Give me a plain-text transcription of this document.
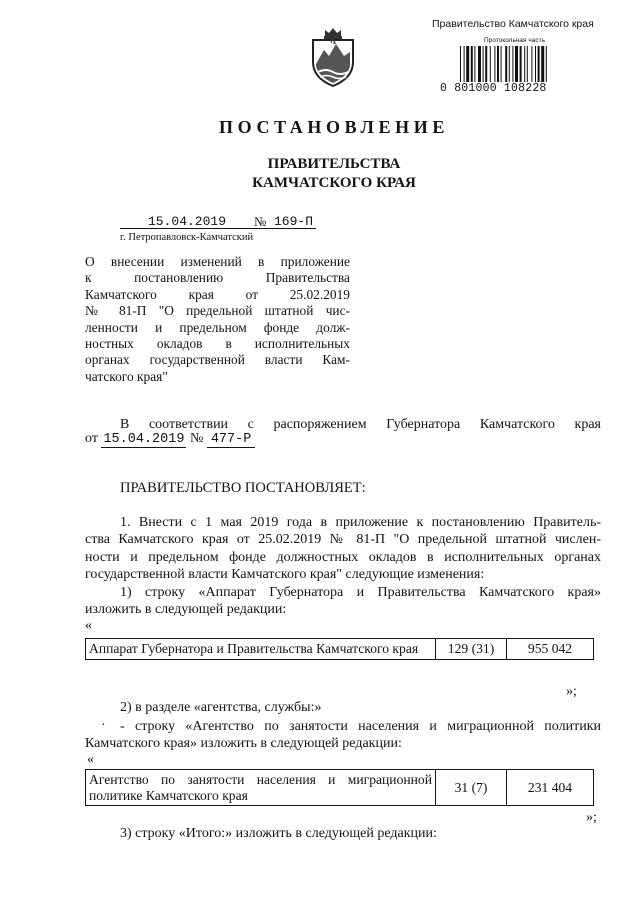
Правительство Камчатского края
Протокольная часть
0 801000 108228
ПОСТАНОВЛЕНИЕ
ПРАВИТЕЛЬСТВА
КАМЧАТСКОГО КРАЯ
15.04.2019 № 169-П
г. Петропавловск-Камчатский
О внесении изменений в приложение
к постановлению Правительства
Камчатского края от 25.02.2019
№ 81-П "О предельной штатной чис-
ленности и предельном фонде долж-
ностных окладов в исполнительных
органах государственной власти Кам-
чатского края"
В соответствии с распоряжением Губернатора Камчатского края
от 15.04.2019 № 477-Р
ПРАВИТЕЛЬСТВО ПОСТАНОВЛЯЕТ:
1. Внести с 1 мая 2019 года в приложение к постановлению Правитель-
ства Камчатского края от 25.02.2019 № 81-П "О предельной штатной числен-
ности и предельном фонде должностных окладов в исполнительных органах
государственной власти Камчатского края" следующие изменения:
1) строку «Аппарат Губернатора и Правительства Камчатского края»
изложить в следующей редакции:
«
Аппарат Губернатора и Правительства Камчатского края	129 (31)	955 042
»;
2) в разделе «агентства, службы:»
·	- строку «Агентство по занятости населения и миграционной политики
Камчатского края» изложить в следующей редакции:
«
Агентство по занятости населения и миграционной
политике Камчатского края
	31 (7)	231 404
»;
3) строку «Итого:» изложить в следующей редакции:
